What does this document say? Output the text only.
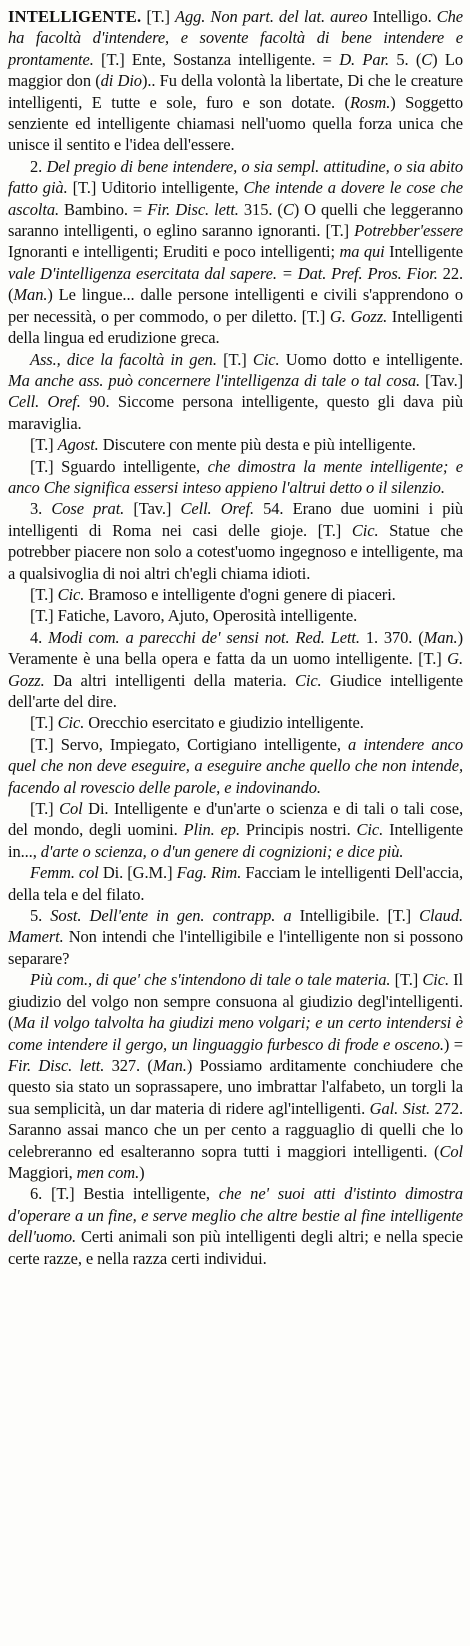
INTELLIGENTE. [T.] Agg. Non part. del lat. aureo Intelligo. Che ha facoltà d'intendere, e sovente facoltà di bene intendere e prontamente. [T.] Ente, Sostanza intelligente. = D. Par. 5. (C) Lo maggior don (di Dio).. Fu della volontà la libertate, Di che le creature intelligenti, E tutte e sole, furo e son dotate. (Rosm.) Soggetto senziente ed intelligente chiamasi nell'uomo quella forza unica che unisce il sentito e l'idea dell'essere.

2. Del pregio di bene intendere, o sia sempl. attitudine, o sia abito fatto già. [T.] Uditorio intelligente, Che intende a dovere le cose che ascolta. Bambino. = Fir. Disc. lett. 315. (C) O quelli che leggeranno saranno intelligenti, o eglino saranno ignoranti. [T.] Potrebber'essere Ignoranti e intelligenti; Eruditi e poco intelligenti; ma qui Intelligente vale D'intelligenza esercitata dal sapere. = Dat. Pref. Pros. Fior. 22. (Man.) Le lingue... dalle persone intelligenti e civili s'apprendono o per necessità, o per commodo, o per diletto. [T.] G. Gozz. Intelligenti della lingua ed erudizione greca.

Ass., dice la facoltà in gen. [T.] Cic. Uomo dotto e intelligente. Ma anche ass. può concernere l'intelligenza di tale o tal cosa. [Tav.] Cell. Oref. 90. Siccome persona intelligente, questo gli dava più maraviglia.

[T.] Agost. Discutere con mente più desta e più intelligente.

[T.] Sguardo intelligente, che dimostra la mente intelligente; e anco Che significa essersi inteso appieno l'altrui detto o il silenzio.

3. Cose prat. [Tav.] Cell. Oref. 54. Erano due uomini i più intelligenti di Roma nei casi delle gioje. [T.] Cic. Statue che potrebber piacere non solo a cotest'uomo ingegnoso e intelligente, ma a qualsivoglia di noi altri ch'egli chiama idioti.

[T.] Cic. Bramoso e intelligente d'ogni genere di piaceri.

[T.] Fatiche, Lavoro, Ajuto, Operosità intelligente.

4. Modi com. a parecchi de' sensi not. Red. Lett. 1. 370. (Man.) Veramente è una bella opera e fatta da un uomo intelligente. [T.] G. Gozz. Da altri intelligenti della materia. Cic. Giudice intelligente dell'arte del dire.

[T.] Cic. Orecchio esercitato e giudizio intelligente.

[T.] Servo, Impiegato, Cortigiano intelligente, a intendere anco quel che non deve eseguire, a eseguire anche quello che non intende, facendo al rovescio delle parole, e indovinando.

[T.] Col Di. Intelligente e d'un'arte o scienza e di tali o tali cose, del mondo, degli uomini. Plin. ep. Principis nostri. Cic. Intelligente in..., d'arte o scienza, o d'un genere di cognizioni; e dice più.

Femm. col Di. [G.M.] Fag. Rim. Facciam le intelligenti Dell'accia, della tela e del filato.

5. Sost. Dell'ente in gen. contrapp. a Intelligibile. [T.] Claud. Mamert. Non intendi che l'intelligibile e l'intelligente non si possono separare?

Più com., di que' che s'intendono di tale o tale materia. [T.] Cic. Il giudizio del volgo non sempre consuona al giudizio degl'intelligenti. (Ma il volgo talvolta ha giudizi meno volgari; e un certo intendersi è come intendere il gergo, un linguaggio furbesco di frode e osceno.) = Fir. Disc. lett. 327. (Man.) Possiamo arditamente conchiudere che questo sia stato un soprassapere, uno imbrattar l'alfabeto, un torgli la sua semplicità, un dar materia di ridere agl'intelligenti. Gal. Sist. 272. Saranno assai manco che un per cento a ragguaglio di quelli che lo celebreranno ed esalteranno sopra tutti i maggiori intelligenti. (Col Maggiori, men com.)

6. [T.] Bestia intelligente, che ne' suoi atti d'istinto dimostra d'operare a un fine, e serve meglio che altre bestie al fine intelligente dell'uomo. Certi animali son più intelligenti degli altri; e nella specie certe razze, e nella razza certi individui.
